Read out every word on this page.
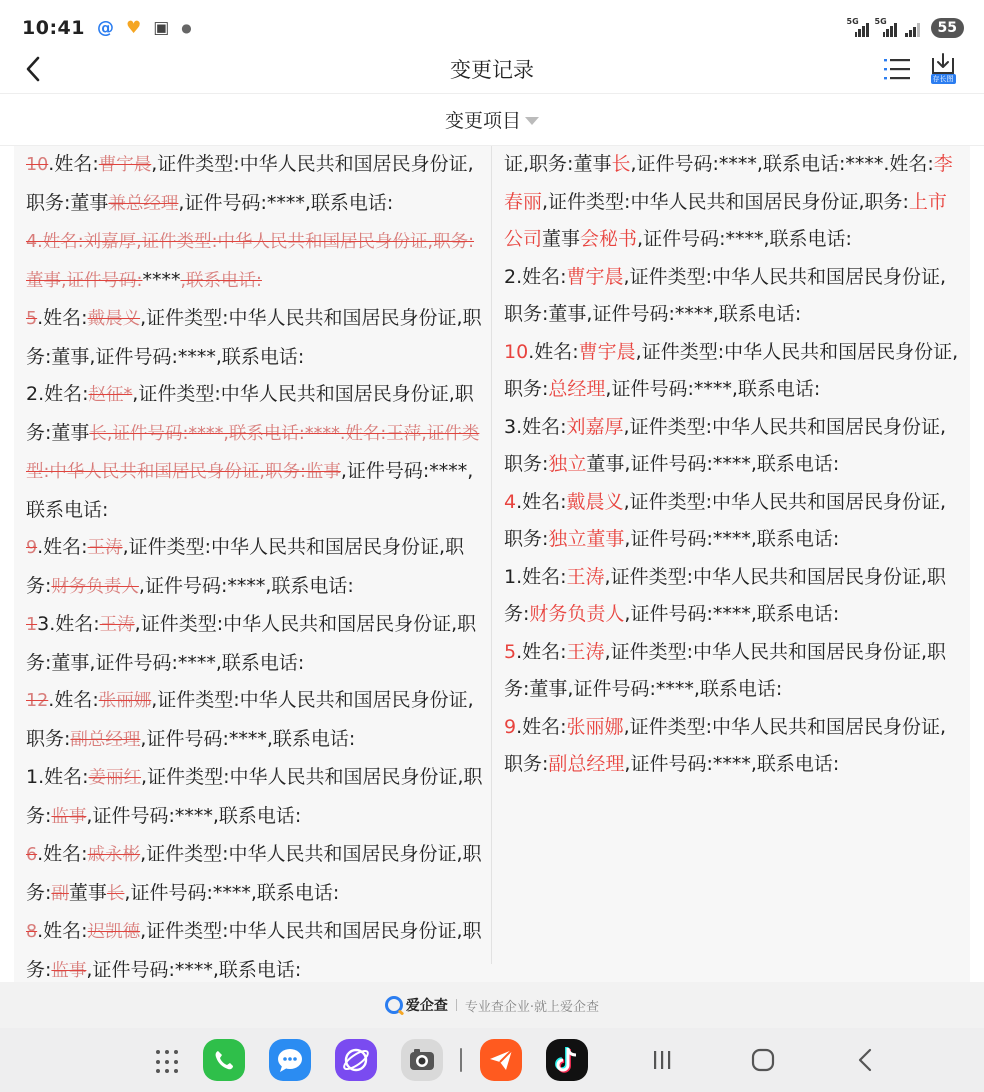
10:41 @ ♥ ▣ ●	5G 5G	55
变更记录	存长图
变更项目
10.姓名:曹宇晨,证件类型:中华人民共和国居民身份证,职务:董事兼总经理,证件号码:****,联系电话:
4.姓名:刘嘉厚,证件类型:中华人民共和国居民身份证,职务:董事,证件号码:****,联系电话:
5.姓名:戴晨义,证件类型:中华人民共和国居民身份证,职务:董事,证件号码:****,联系电话:
2.姓名:赵征*,证件类型:中华人民共和国居民身份证,职务:董事长,证件号码:****,联系电话:****.姓名:王萍,证件类型:中华人民共和国居民身份证,职务:监事,证件号码:****,联系电话:
9.姓名:王涛,证件类型:中华人民共和国居民身份证,职务:财务负责人,证件号码:****,联系电话:
13.姓名:王涛,证件类型:中华人民共和国居民身份证,职务:董事,证件号码:****,联系电话:
12.姓名:张丽娜,证件类型:中华人民共和国居民身份证,职务:副总经理,证件号码:****,联系电话:
1.姓名:姜丽红,证件类型:中华人民共和国居民身份证,职务:监事,证件号码:****,联系电话:
6.姓名:戚永彬,证件类型:中华人民共和国居民身份证,职务:副董事长,证件号码:****,联系电话:
8.姓名:迟凯德,证件类型:中华人民共和国居民身份证,职务:监事,证件号码:****,联系电话:
证,职务:董事长,证件号码:****,联系电话:****.姓名:李春丽,证件类型:中华人民共和国居民身份证,职务:上市公司董事会秘书,证件号码:****,联系电话:
2.姓名:曹宇晨,证件类型:中华人民共和国居民身份证,职务:董事,证件号码:****,联系电话:
10.姓名:曹宇晨,证件类型:中华人民共和国居民身份证,职务:总经理,证件号码:****,联系电话:
3.姓名:刘嘉厚,证件类型:中华人民共和国居民身份证,职务:独立董事,证件号码:****,联系电话:
4.姓名:戴晨义,证件类型:中华人民共和国居民身份证,职务:独立董事,证件号码:****,联系电话:
1.姓名:王涛,证件类型:中华人民共和国居民身份证,职务:财务负责人,证件号码:****,联系电话:
5.姓名:王涛,证件类型:中华人民共和国居民身份证,职务:董事,证件号码:****,联系电话:
9.姓名:张丽娜,证件类型:中华人民共和国居民身份证,职务:副总经理,证件号码:****,联系电话:
爱企查 专业查企业·就上爱企查
